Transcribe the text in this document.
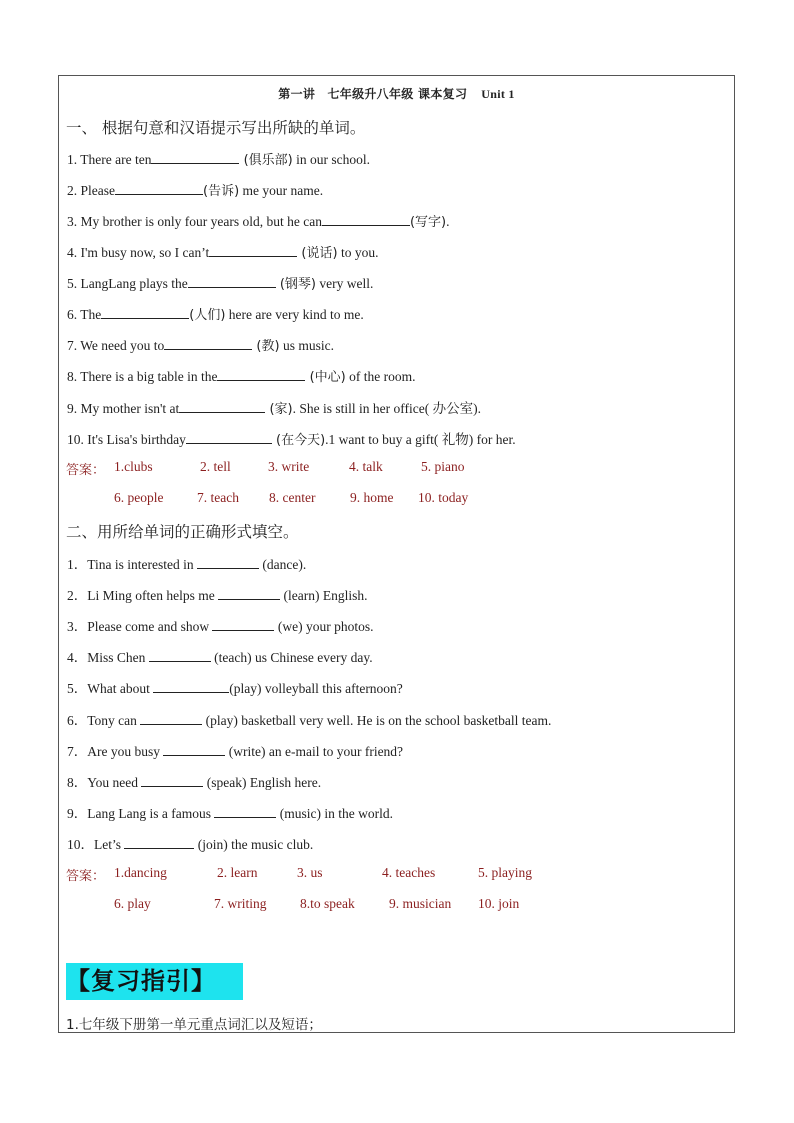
第一讲　七年级升八年级 课本复习 Unit 1
一、 根据句意和汉语提示写出所缺的单词。
1. There are ten	(俱乐部) in our school.
2. Please	(告诉) me your name.
3. My brother is only four years old, but he can	(写字).
4. I'm busy now, so I can’t	(说话) to you.
5. LangLang plays the	(钢琴) very well.
6. The	(人们) here are very kind to me.
7. We need you to	(教) us music.
8. There is a big table in the	(中心) of the room.
9. My mother isn't at	(家). She is still in her office( 办公室).
10. It's Lisa's birthday	(在今天).1 want to buy a gift( 礼物) for her.
答案： 1.clubs	2. tell	3. write	4. talk	5. piano
6. people 7. teach 8. center	9. home 10. today
二、用所给单词的正确形式填空。
1．Tina is interested in	(dance).
2．Li Ming often helps me	(learn) English.
3．Please come and show	(we) your photos.
4．Miss Chen	(teach) us Chinese every day.
5．What about	(play) volleyball this afternoon?
6．Tony can	(play) basketball very well. He is on the school basketball team.
7．Are you busy	(write) an e-mail to your friend?
8．You need	(speak) English here.
9．Lang Lang is a famous	(music) in the world.
10．Let’s	(join) the music club.
答案： 1.dancing	2. learn	3. us	4. teaches	5. playing
6. play	7. writing 8.to speak	9. musician 10. join
【复习指引】
1.七年级下册第一单元重点词汇以及短语；
